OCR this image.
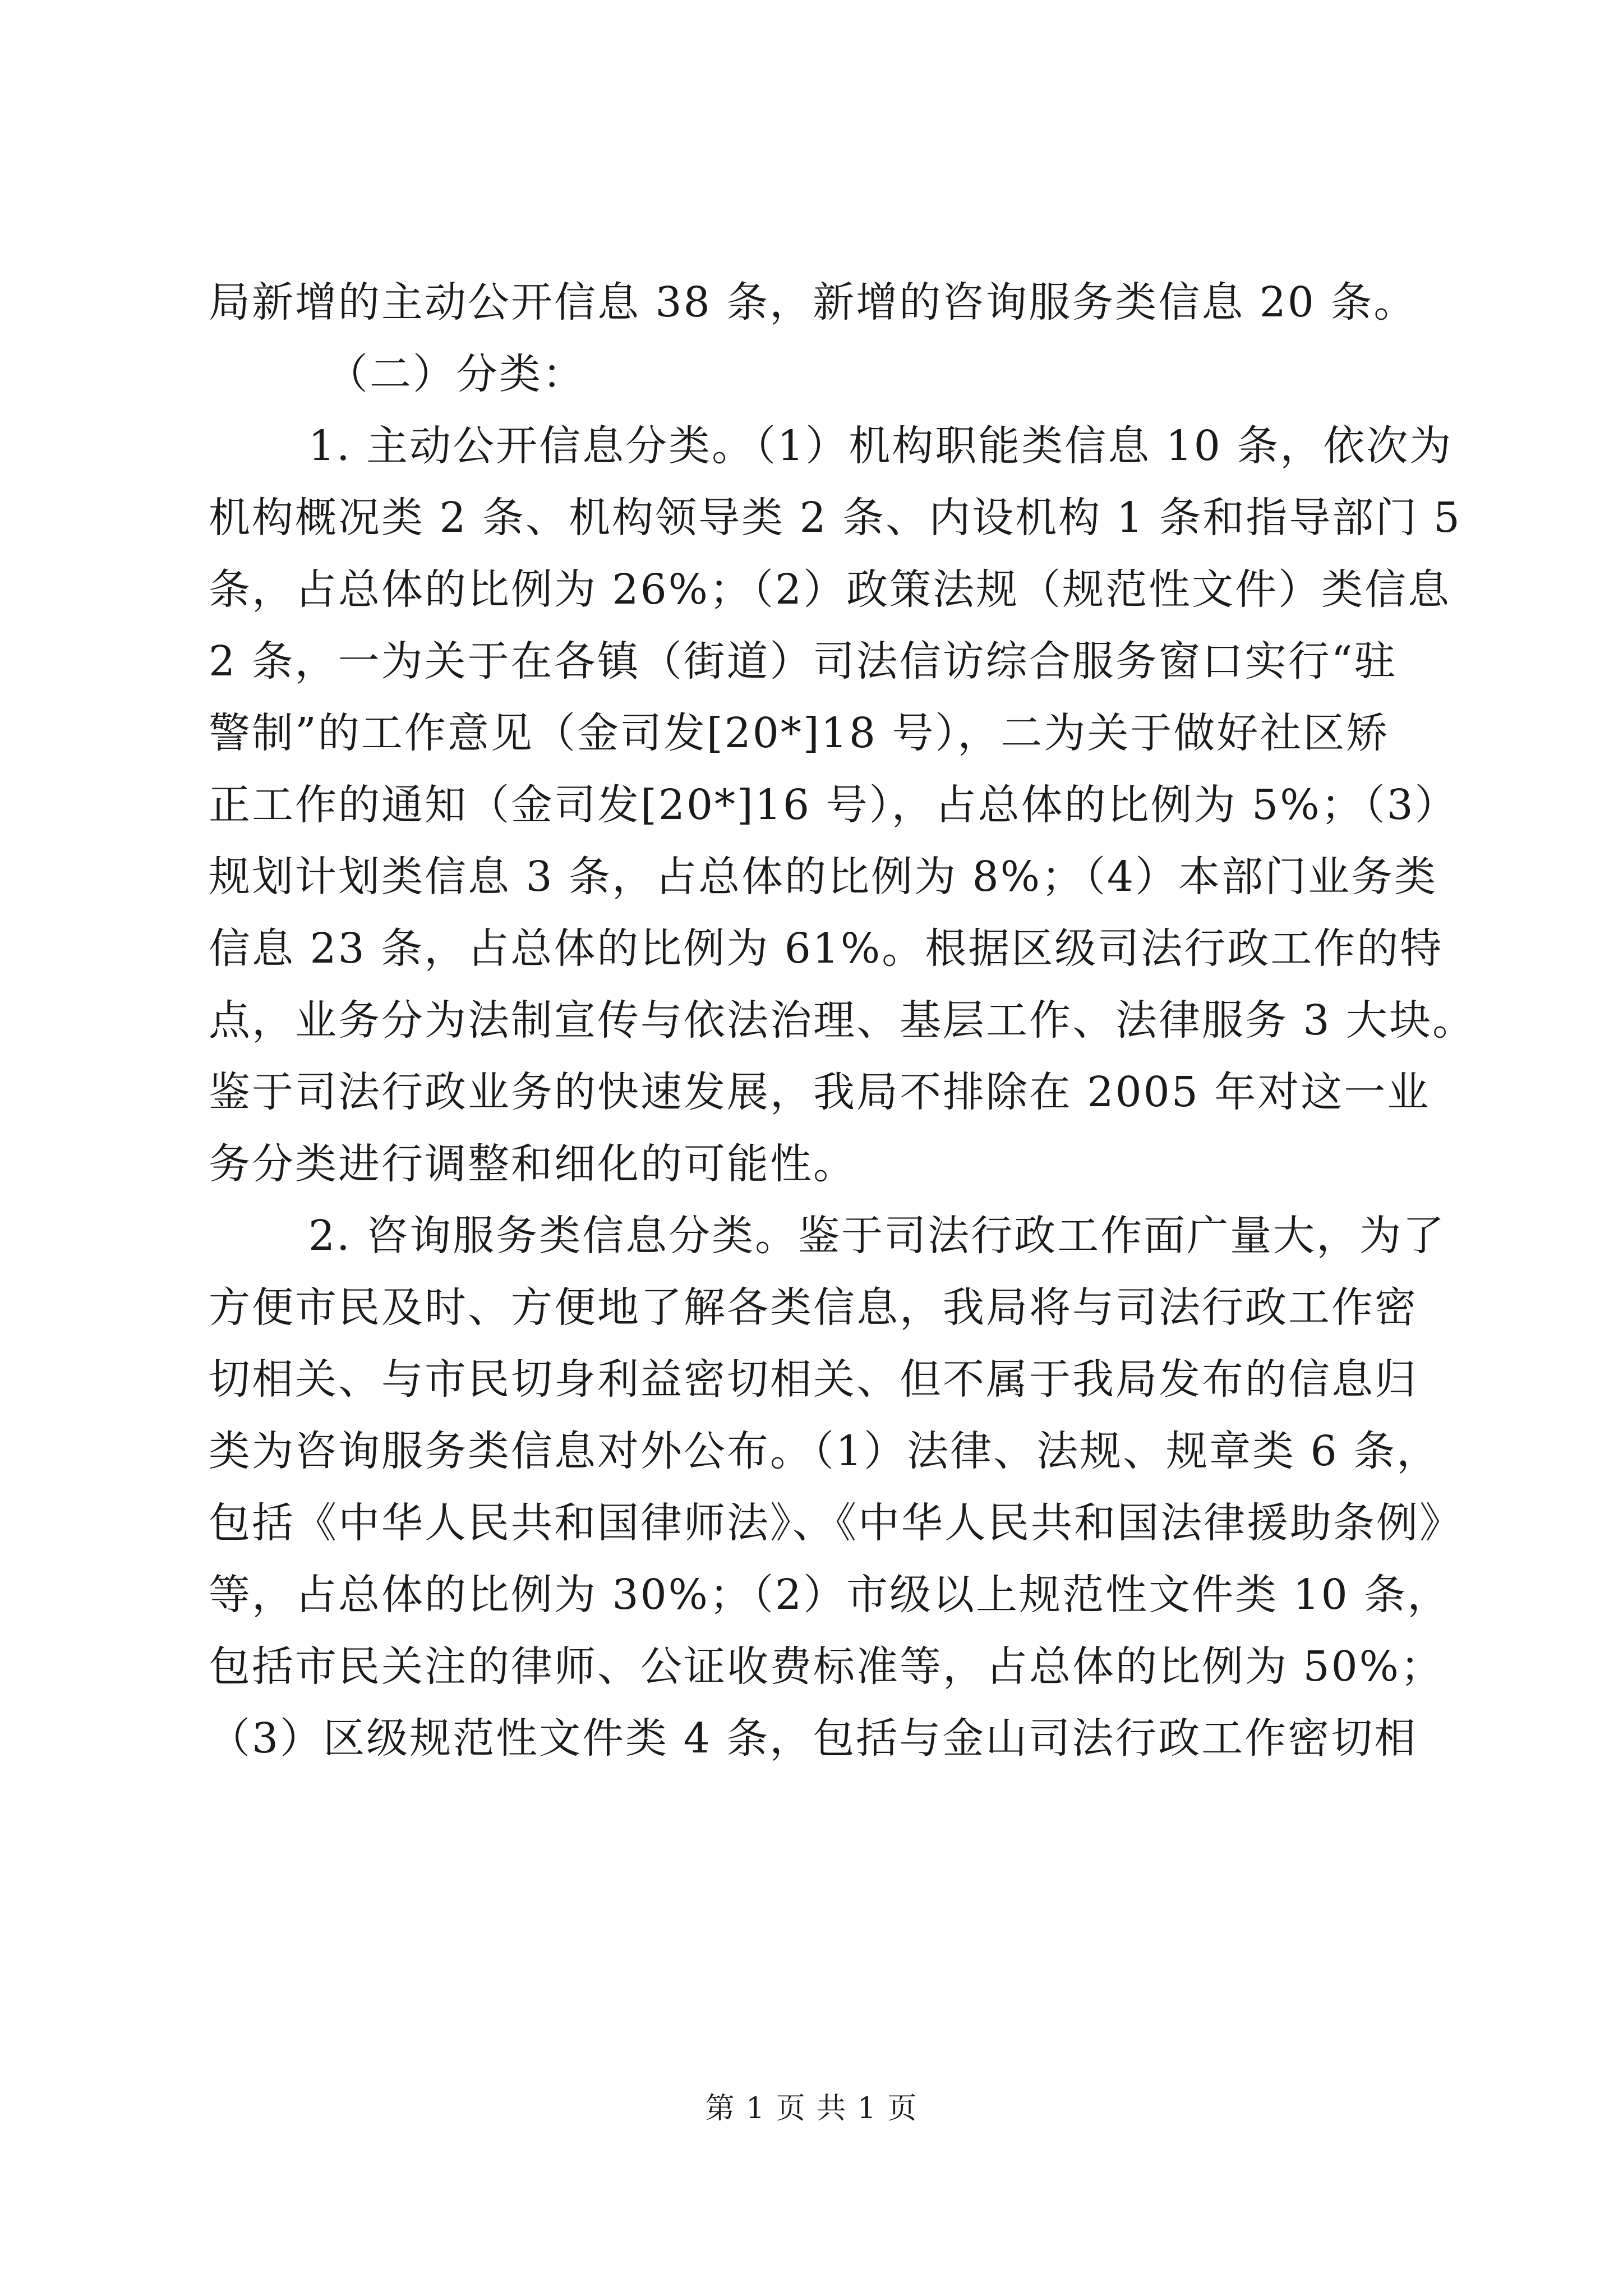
局新增的主动公开信息 38 条，新增的咨询服务类信息 20 条。
（二）分类：
1. 主动公开信息分类。（1）机构职能类信息 10 条，依次为
机构概况类 2 条、机构领导类 2 条、内设机构 1 条和指导部门 5
条，占总体的比例为 26%；（2）政策法规（规范性文件）类信息
2 条，一为关于在各镇（街道）司法信访综合服务窗口实行“驻
警制”的工作意见（金司发[20*]18 号），二为关于做好社区矫
正工作的通知（金司发[20*]16 号），占总体的比例为 5%；（3）
规划计划类信息 3 条，占总体的比例为 8%；（4）本部门业务类
信息 23 条，占总体的比例为 61%。根据区级司法行政工作的特
点，业务分为法制宣传与依法治理、基层工作、法律服务 3 大块。
鉴于司法行政业务的快速发展，我局不排除在 2005 年对这一业
务分类进行调整和细化的可能性。
2. 咨询服务类信息分类。鉴于司法行政工作面广量大，为了
方便市民及时、方便地了解各类信息，我局将与司法行政工作密
切相关、与市民切身利益密切相关、但不属于我局发布的信息归
类为咨询服务类信息对外公布。（1）法律、法规、规章类 6 条，
包括《中华人民共和国律师法》、《中华人民共和国法律援助条例》
等，占总体的比例为 30%；（2）市级以上规范性文件类 10 条，
包括市民关注的律师、公证收费标准等，占总体的比例为 50%；
（3）区级规范性文件类 4 条，包括与金山司法行政工作密切相
第 1 页 共 1 页
